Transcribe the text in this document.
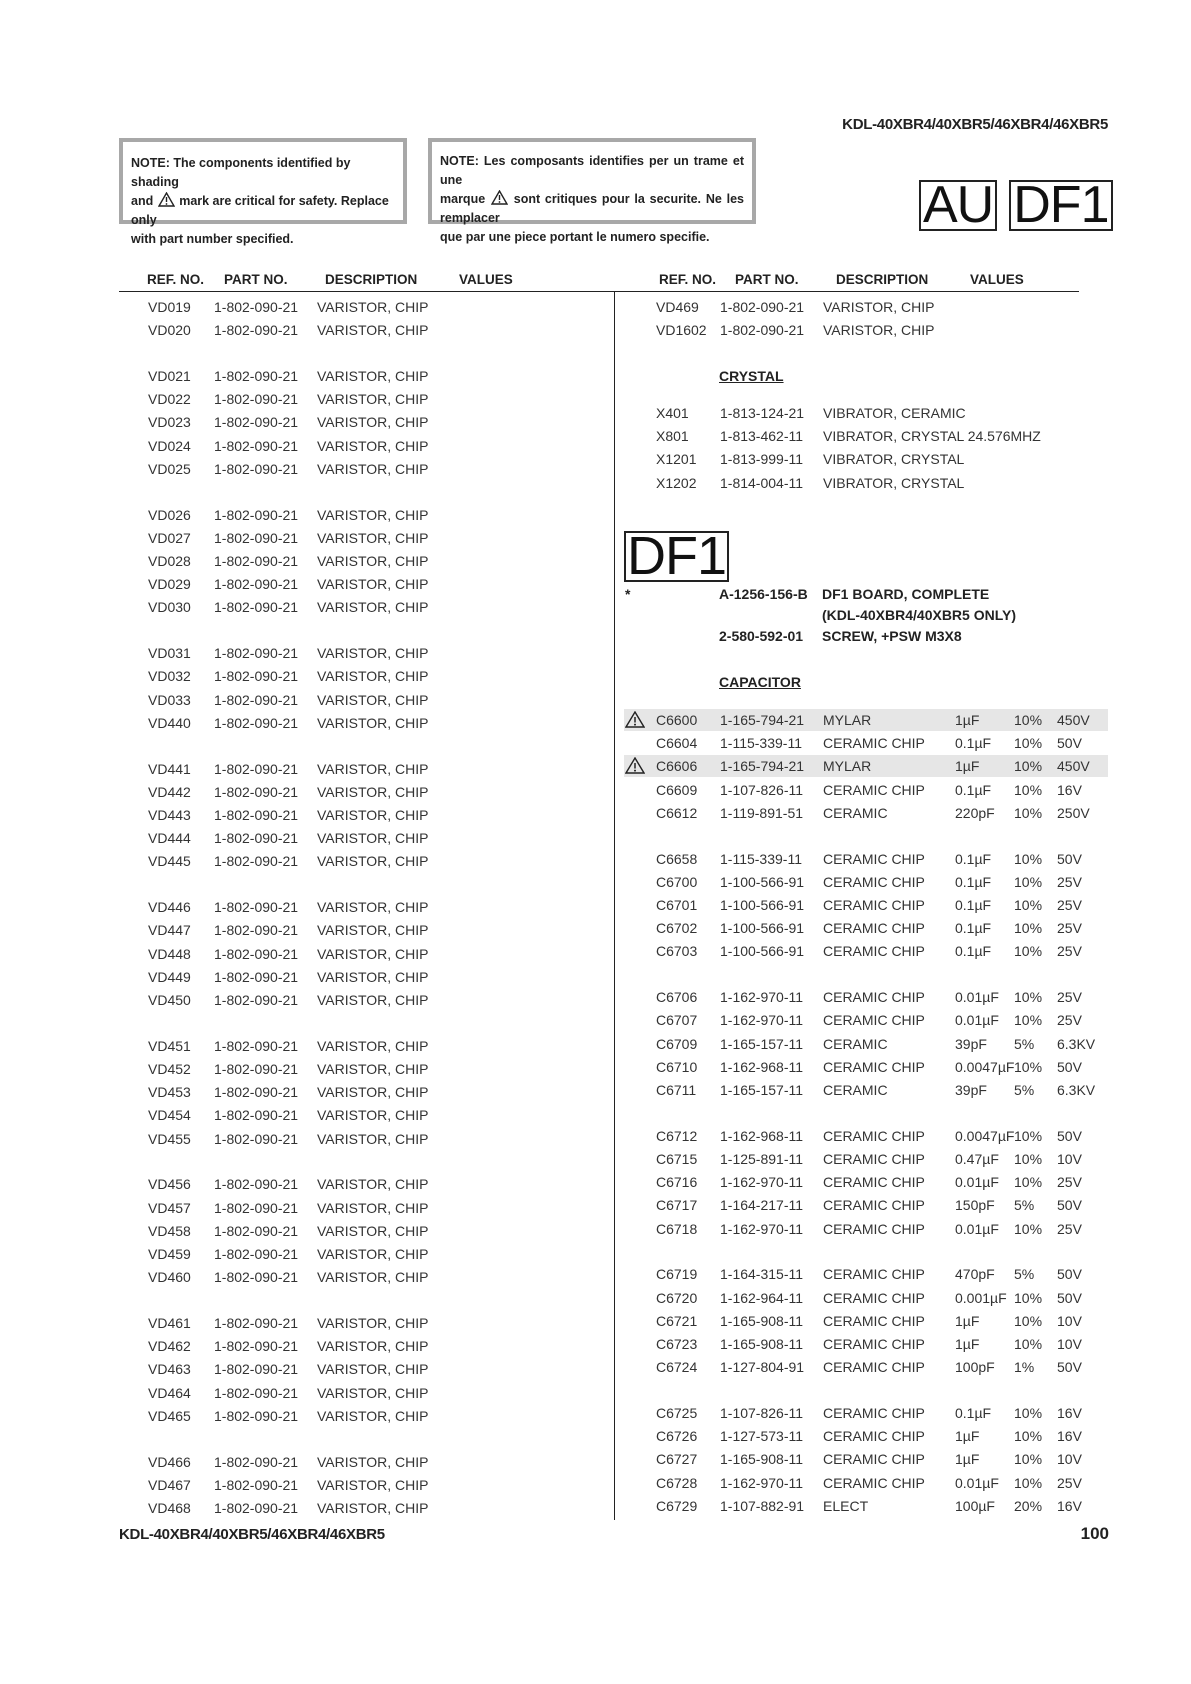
KDL-40XBR4/40XBR5/46XBR4/46XBR5
NOTE: The components identified by shading
and mark are critical for safety. Replace only
with part number specified.
NOTE: Les composants identifies per un trame et une
marque sont critiques pour la securite. Ne les remplacer
que par une piece portant le numero specifie.
AU DF1
REF. NO. PART NO.	DESCRIPTION	VALUES	REF. NO. PART NO.	DESCRIPTION	VALUES
VD019 1-802-090-21 VARISTOR, CHIP
VD020 1-802-090-21 VARISTOR, CHIP
VD021 1-802-090-21 VARISTOR, CHIP
VD022 1-802-090-21 VARISTOR, CHIP
VD023 1-802-090-21 VARISTOR, CHIP
VD024 1-802-090-21 VARISTOR, CHIP
VD025 1-802-090-21 VARISTOR, CHIP
VD026 1-802-090-21 VARISTOR, CHIP
VD027 1-802-090-21 VARISTOR, CHIP
VD028 1-802-090-21 VARISTOR, CHIP
VD029 1-802-090-21 VARISTOR, CHIP
VD030 1-802-090-21 VARISTOR, CHIP
VD031 1-802-090-21 VARISTOR, CHIP
VD032 1-802-090-21 VARISTOR, CHIP
VD033 1-802-090-21 VARISTOR, CHIP
VD440 1-802-090-21 VARISTOR, CHIP
VD441 1-802-090-21 VARISTOR, CHIP
VD442 1-802-090-21 VARISTOR, CHIP
VD443 1-802-090-21 VARISTOR, CHIP
VD444 1-802-090-21 VARISTOR, CHIP
VD445 1-802-090-21 VARISTOR, CHIP
VD446 1-802-090-21 VARISTOR, CHIP
VD447 1-802-090-21 VARISTOR, CHIP
VD448 1-802-090-21 VARISTOR, CHIP
VD449 1-802-090-21 VARISTOR, CHIP
VD450 1-802-090-21 VARISTOR, CHIP
VD451 1-802-090-21 VARISTOR, CHIP
VD452 1-802-090-21 VARISTOR, CHIP
VD453 1-802-090-21 VARISTOR, CHIP
VD454 1-802-090-21 VARISTOR, CHIP
VD455 1-802-090-21 VARISTOR, CHIP
VD456 1-802-090-21 VARISTOR, CHIP
VD457 1-802-090-21 VARISTOR, CHIP
VD458 1-802-090-21 VARISTOR, CHIP
VD459 1-802-090-21 VARISTOR, CHIP
VD460 1-802-090-21 VARISTOR, CHIP
VD461 1-802-090-21 VARISTOR, CHIP
VD462 1-802-090-21 VARISTOR, CHIP
VD463 1-802-090-21 VARISTOR, CHIP
VD464 1-802-090-21 VARISTOR, CHIP
VD465 1-802-090-21 VARISTOR, CHIP
VD466 1-802-090-21 VARISTOR, CHIP
VD467 1-802-090-21 VARISTOR, CHIP
VD468 1-802-090-21 VARISTOR, CHIP
VD469 1-802-090-21 VARISTOR, CHIP
VD1602 1-802-090-21 VARISTOR, CHIP
X401 1-813-124-21 VIBRATOR, CERAMIC
X801 1-813-462-11 VIBRATOR, CRYSTAL 24.576MHZ
X1201 1-813-999-11 VIBRATOR, CRYSTAL
X1202 1-814-004-11 VIBRATOR, CRYSTAL
C6600 1-165-794-21 MYLAR	1µF 10% 450V
C6604 1-115-339-11 CERAMIC CHIP 0.1µF 10% 50V
C6606 1-165-794-21 MYLAR	1µF 10% 450V
C6609 1-107-826-11 CERAMIC CHIP 0.1µF 10% 16V
C6612 1-119-891-51 CERAMIC	220pF 10% 250V
C6658 1-115-339-11 CERAMIC CHIP 0.1µF 10% 50V
C6700 1-100-566-91 CERAMIC CHIP 0.1µF 10% 25V
C6701 1-100-566-91 CERAMIC CHIP 0.1µF 10% 25V
C6702 1-100-566-91 CERAMIC CHIP 0.1µF 10% 25V
C6703 1-100-566-91 CERAMIC CHIP 0.1µF 10% 25V
C6706 1-162-970-11 CERAMIC CHIP 0.01µF 10% 25V
C6707 1-162-970-11 CERAMIC CHIP 0.01µF 10% 25V
C6709 1-165-157-11 CERAMIC	39pF 5% 6.3KV
C6710 1-162-968-11 CERAMIC CHIP 0.0047µF 10% 50V
C6711 1-165-157-11 CERAMIC	39pF 5% 6.3KV
C6712 1-162-968-11 CERAMIC CHIP 0.0047µF 10% 50V
C6715 1-125-891-11 CERAMIC CHIP 0.47µF 10% 10V
C6716 1-162-970-11 CERAMIC CHIP 0.01µF 10% 25V
C6717 1-164-217-11 CERAMIC CHIP 150pF 5% 50V
C6718 1-162-970-11 CERAMIC CHIP 0.01µF 10% 25V
C6719 1-164-315-11 CERAMIC CHIP 470pF 5% 50V
C6720 1-162-964-11 CERAMIC CHIP 0.001µF 10% 50V
C6721 1-165-908-11 CERAMIC CHIP 1µF 10% 10V
C6723 1-165-908-11 CERAMIC CHIP 1µF 10% 10V
C6724 1-127-804-91 CERAMIC CHIP 100pF 1% 50V
C6725 1-107-826-11 CERAMIC CHIP 0.1µF 10% 16V
C6726 1-127-573-11 CERAMIC CHIP 1µF 10% 16V
C6727 1-165-908-11 CERAMIC CHIP 1µF 10% 10V
C6728 1-162-970-11 CERAMIC CHIP 0.01µF 10% 25V
C6729 1-107-882-91 ELECT	100µF 20% 16V
CRYSTAL
DF1
*	A-1256-156-B DF1 BOARD, COMPLETE
(KDL-40XBR4/40XBR5 ONLY)
2-580-592-01 SCREW, +PSW M3X8
CAPACITOR
KDL-40XBR4/40XBR5/46XBR4/46XBR5	100
